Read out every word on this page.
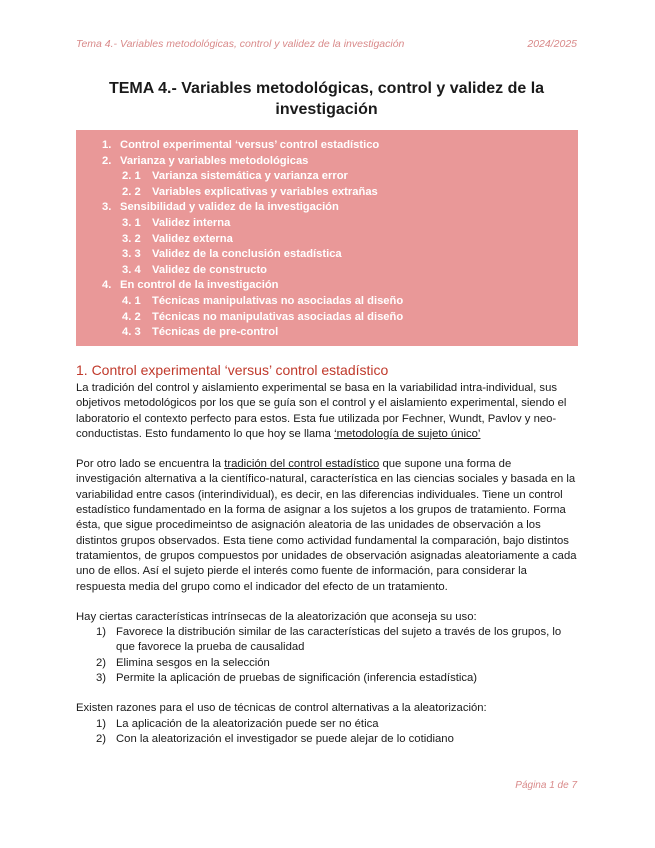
Tema 4.- Variables metodológicas, control y validez de la investigación	2024/2025
TEMA 4.- Variables metodológicas, control y validez de la
investigación
1. Control experimental ‘versus’ control estadístico
2. Varianza y variables metodológicas
2. 1 Varianza sistemática y varianza error
2. 2 Variables explicativas y variables extrañas
3. Sensibilidad y validez de la investigación
3. 1 Validez interna
3. 2 Validez externa
3. 3 Validez de la conclusión estadística
3. 4 Validez de constructo
4. En control de la investigación
4. 1 Técnicas manipulativas no asociadas al diseño
4. 2 Técnicas no manipulativas asociadas al diseño
4. 3 Técnicas de pre-control
1. Control experimental ‘versus’ control estadístico

La tradición del control y aislamiento experimental se basa en la variabilidad intra-individual, sus objetivos metodológicos por los que se guía son el control y el aislamiento experimental, siendo el laboratorio el contexto perfecto para estos. Esta fue utilizada por Fechner, Wundt, Pavlov y neo-conductistas. Esto fundamento lo que hoy se llama ‘metodología de sujeto único’

Por otro lado se encuentra la tradición del control estadístico que supone una forma de investigación alternativa a la científico-natural, característica en las ciencias sociales y basada en la variabilidad entre casos (interindividual), es decir, en las diferencias individuales. Tiene un control estadístico fundamentado en la forma de asignar a los sujetos a los grupos de tratamiento. Forma ésta, que sigue procedimeintso de asignación aleatoria de las unidades de observación a los distintos grupos observados. Esta tiene como actividad fundamental la comparación, bajo distintos tratamientos, de grupos compuestos por unidades de observación asignadas aleatoriamente a cada uno de ellos. Así el sujeto pierde el interés como fuente de información, para considerar la respuesta media del grupo como el indicador del efecto de un tratamiento.

Hay ciertas características intrínsecas de la aleatorización que aconseja su uso:

1) Favorece la distribución similar de las características del sujeto a través de los grupos, lo que favorece la prueba de causalidad
2) Elimina sesgos en la selección
3) Permite la aplicación de pruebas de significación (inferencia estadística)

Existen razones para el uso de técnicas de control alternativas a la aleatorización:

1) La aplicación de la aleatorización puede ser no ética
2) Con la aleatorización el investigador se puede alejar de lo cotidiano
Página 1 de 7
